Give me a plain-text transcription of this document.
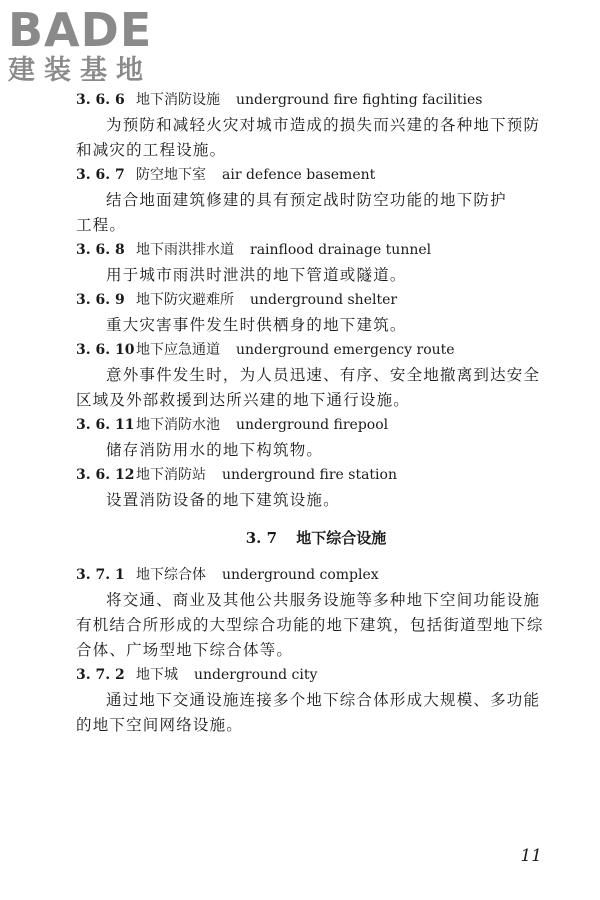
BADE
建装基地
3. 6. 6 地下消防设施 underground fire fighting facilities
为预防和减轻火灾对城市造成的损失而兴建的各种地下预防
和减灾的工程设施。
3. 6. 7 防空地下室 air defence basement
结合地面建筑修建的具有预定战时防空功能的地下防护
工程。
3. 6. 8 地下雨洪排水道 rainflood drainage tunnel
用于城市雨洪时泄洪的地下管道或隧道。
3. 6. 9 地下防灾避难所 underground shelter
重大灾害事件发生时供栖身的地下建筑。
3. 6. 10 地下应急通道 underground emergency route
意外事件发生时，为人员迅速、有序、安全地撤离到达安全
区域及外部救援到达所兴建的地下通行设施。
3. 6. 11 地下消防水池 underground firepool
储存消防用水的地下构筑物。
3. 6. 12 地下消防站 underground fire station
设置消防设备的地下建筑设施。
3. 7 地下综合设施
3. 7. 1 地下综合体 underground complex
将交通、商业及其他公共服务设施等多种地下空间功能设施
有机结合所形成的大型综合功能的地下建筑，包括街道型地下综
合体、广场型地下综合体等。
3. 7. 2 地下城 underground city
通过地下交通设施连接多个地下综合体形成大规模、多功能
的地下空间网络设施。
11
